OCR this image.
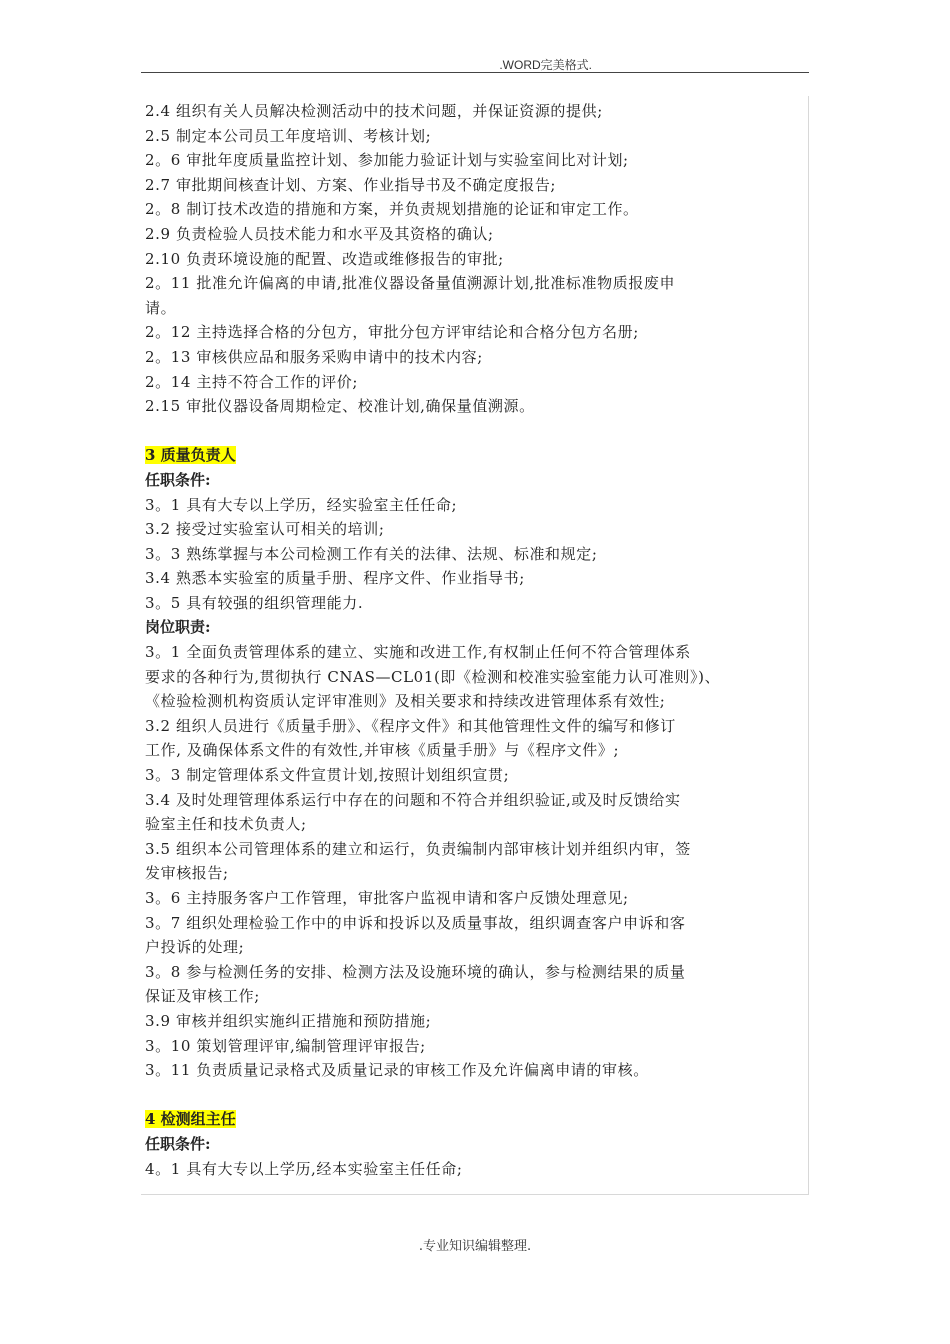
.WORD完美格式.
2.4 组织有关人员解决检测活动中的技术问题，并保证资源的提供;
2.5 制定本公司员工年度培训、考核计划;
2。6 审批年度质量监控计划、参加能力验证计划与实验室间比对计划;
2.7 审批期间核查计划、方案、作业指导书及不确定度报告;
2。8 制订技术改造的措施和方案，并负责规划措施的论证和审定工作。
2.9 负责检验人员技术能力和水平及其资格的确认;
2.10 负责环境设施的配置、改造或维修报告的审批;
2。11 批准允许偏离的申请,批准仪器设备量值溯源计划,批准标准物质报废申
请。
2。12 主持选择合格的分包方，审批分包方评审结论和合格分包方名册;
2。13 审核供应品和服务采购申请中的技术内容;
2。14 主持不符合工作的评价;
2.15 审批仪器设备周期检定、校准计划,确保量值溯源。
3 质量负责人
任职条件:
3。1 具有大专以上学历，经实验室主任任命;
3.2 接受过实验室认可相关的培训;
3。3 熟练掌握与本公司检测工作有关的法律、法规、标准和规定;
3.4 熟悉本实验室的质量手册、程序文件、作业指导书;
3。5 具有较强的组织管理能力.
岗位职责:
3。1 全面负责管理体系的建立、实施和改进工作,有权制止任何不符合管理体系
要求的各种行为,贯彻执行 CNAS—CL01(即《检测和校准实验室能力认可准则》)、
《检验检测机构资质认定评审准则》及相关要求和持续改进管理体系有效性;
3.2 组织人员进行《质量手册》、《程序文件》和其他管理性文件的编写和修订
工作, 及确保体系文件的有效性,并审核《质量手册》与《程序文件》;
3。3 制定管理体系文件宣贯计划,按照计划组织宣贯;
3.4 及时处理管理体系运行中存在的问题和不符合并组织验证,或及时反馈给实
验室主任和技术负责人;
3.5 组织本公司管理体系的建立和运行，负责编制内部审核计划并组织内审，签
发审核报告;
3。6 主持服务客户工作管理，审批客户监视申请和客户反馈处理意见;
3。7 组织处理检验工作中的申诉和投诉以及质量事故，组织调查客户申诉和客
户投诉的处理;
3。8 参与检测任务的安排、检测方法及设施环境的确认，参与检测结果的质量
保证及审核工作;
3.9 审核并组织实施纠正措施和预防措施;
3。10 策划管理评审,编制管理评审报告;
3。11 负责质量记录格式及质量记录的审核工作及允许偏离申请的审核。
4 检测组主任
任职条件:
4。1 具有大专以上学历,经本实验室主任任命;
.专业知识编辑整理.
